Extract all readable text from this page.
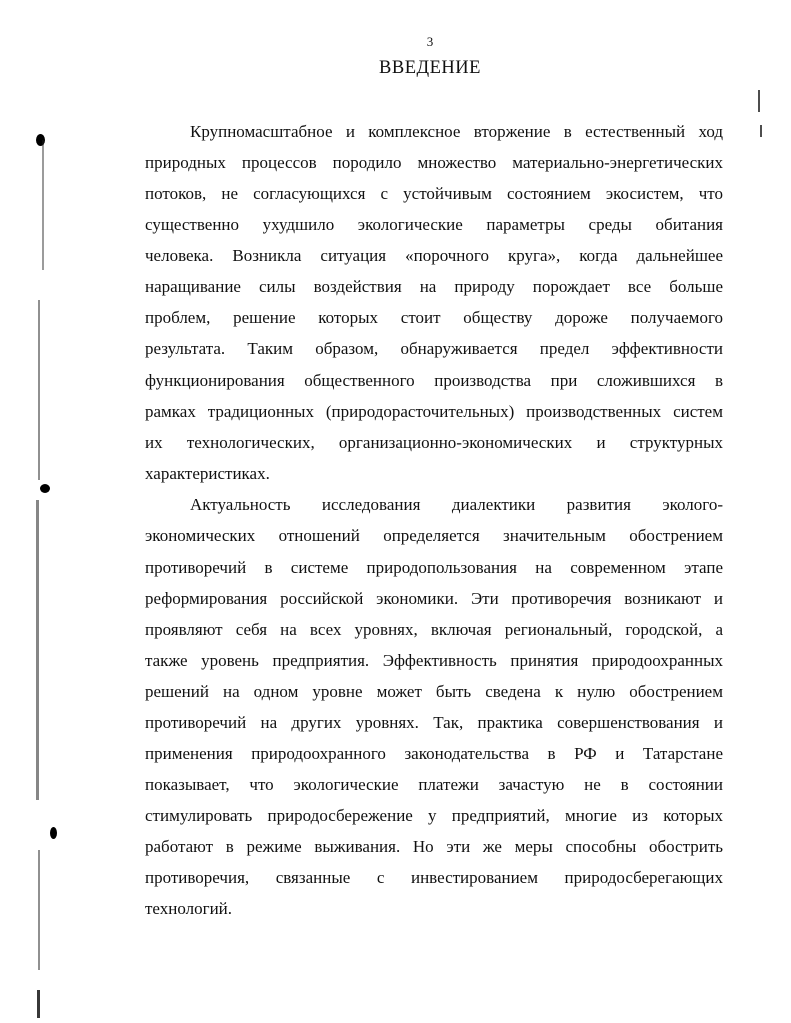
3
ВВЕДЕНИЕ
Крупномасштабное и комплексное вторжение в естественный ход
природных процессов породило множество материально-энергетических
потоков, не согласующихся с устойчивым состоянием экосистем, что
существенно ухудшило экологические параметры среды обитания
человека. Возникла ситуация «порочного круга», когда дальнейшее
наращивание силы воздействия на природу порождает все больше
проблем, решение которых стоит обществу дороже получаемого
результата. Таким образом, обнаруживается предел эффективности
функционирования общественного производства при сложившихся в
рамках традиционных (природорасточительных) производственных систем
их технологических, организационно-экономических и структурных
характеристиках.
Актуальность исследования диалектики развития эколого-
экономических отношений определяется значительным обострением
противоречий в системе природопользования на современном этапе
реформирования российской экономики. Эти противоречия возникают и
проявляют себя на всех уровнях, включая региональный, городской, а
также уровень предприятия. Эффективность принятия природоохранных
решений на одном уровне может быть сведена к нулю обострением
противоречий на других уровнях. Так, практика совершенствования и
применения природоохранного законодательства в РФ и Татарстане
показывает, что экологические платежи зачастую не в состоянии
стимулировать природосбережение у предприятий, многие из которых
работают в режиме выживания. Но эти же меры способны обострить
противоречия, связанные с инвестированием природосберегающих
технологий.
